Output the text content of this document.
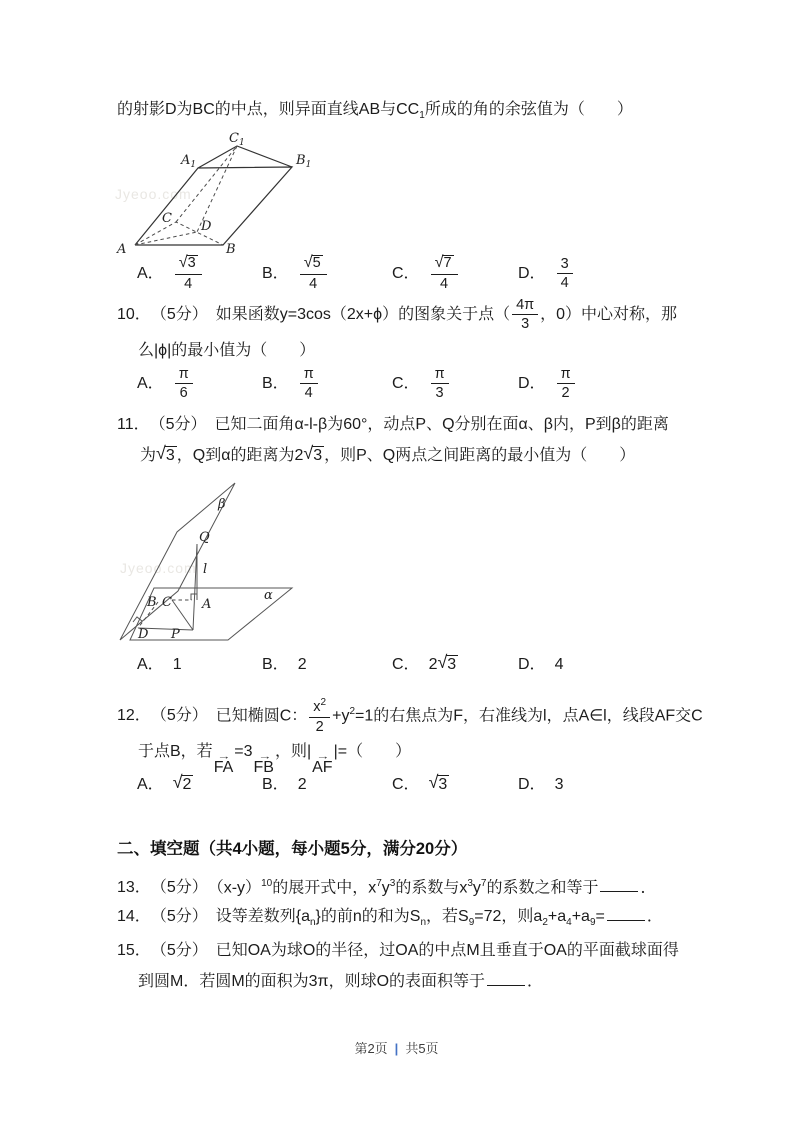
Jyeoo.com
Jyeoo.com
的射影D为BC的中点，则异面直线AB与$CC_1$所成的角的余弦值为（　　）
$C_1$
$A_1$	$B_1$
C
D
A	B
A． $\frac{√ 3}{4}$	B． $\frac{√ 5}{4}$	C． $\frac{√ 7}{4}$	D． $\frac{3}{4}$
10． （5分） 如果函数y=3cos（2x+ϕ）的图象关于点（ $\frac{4\pi}{3}$ ，0）中心对称，那
么|ϕ|的最小值为（　　）
A． $\frac{\pi}{6}$	B． $\frac{\pi}{4}$	C． $\frac{\pi}{3}$	D． $\frac{\pi}{2}$
11． （5分） 已知二面角α-l-β为60°，动点P、Q分别在面α、β内，P到β的距离
为 √ 3 ，Q到α的距离为2 √ 3 ，则P、Q两点之间距离的最小值为（　　）
β
Q
l
α
B C A
D P
A． 1	B． 2	C． 2 √ 3	D． 4
12． （5分） 已知椭圆C： $\frac{x^2}{2} +y^2=1$的右焦点为F，右准线为l，点A∈l，线段AF交C
于点B，若 →
FA
=3 →
FB
，则| →
AF
|=（　　）
A． √ 2	B． 2	C． √ 3	D． 3
二、填空题（共4小题，每小题5分，满分20分）
13． （5分） $(x-y)^{10}$的展开式中，$x^7y^3$的系数与$x^3y^7$的系数之和等于	．
14． （5分） 设等差数列$\{a_n\}$的前n的和为$S_n$，若$S_9=72$，则$a_2+a_4+a_9=$	．
15． （5分） 已知OA为球O的半径，过OA的中点M且垂直于OA的平面截球面得
到圆M．若圆M的面积为3π，则球O的表面积等于	．
第2页 | 共5页
